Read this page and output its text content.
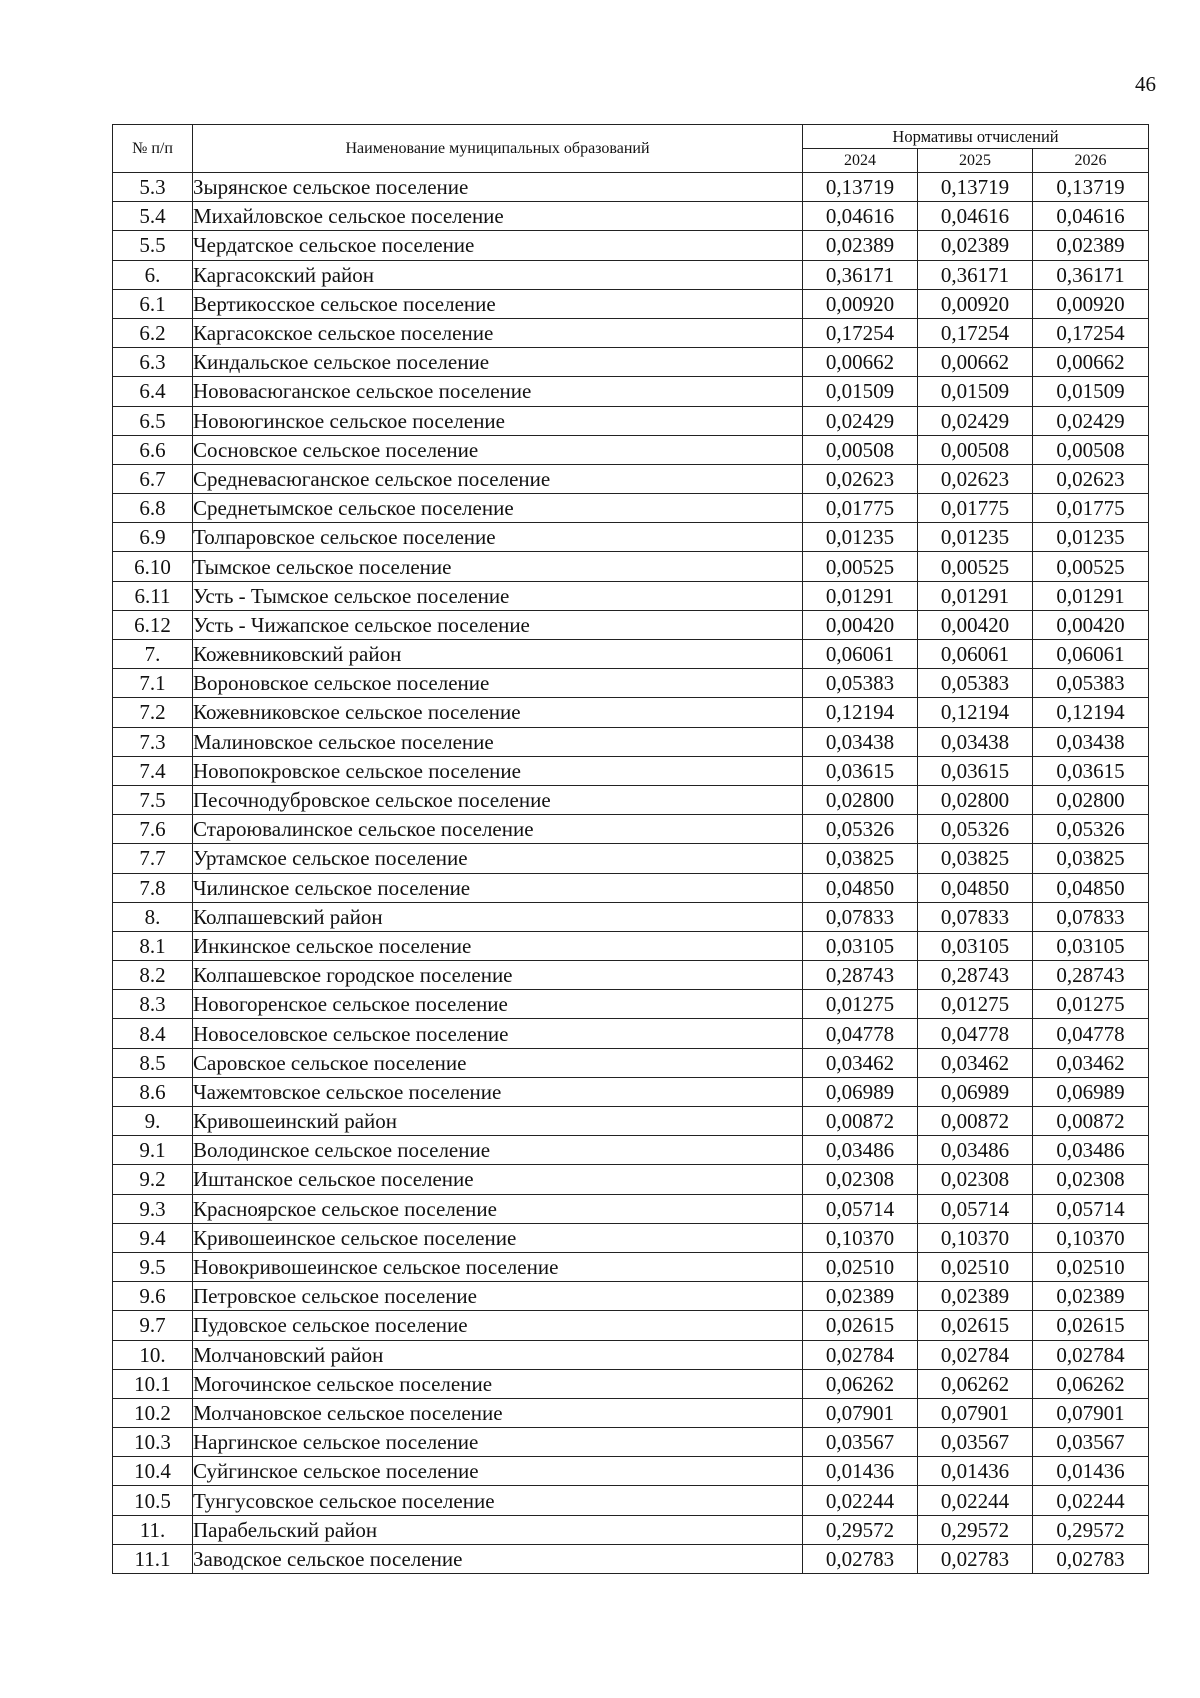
46
№ п/п	Наименование муниципальных образований	Нормативы отчислений		
		2024	2025	2026
5.3	Зырянское сельское поселение	0,13719	0,13719	0,13719
5.4	Михайловское сельское поселение	0,04616	0,04616	0,04616
5.5	Чердатское сельское поселение	0,02389	0,02389	0,02389
6.	Каргасокский район	0,36171	0,36171	0,36171
6.1	Вертикосское сельское поселение	0,00920	0,00920	0,00920
6.2	Каргасокское сельское поселение	0,17254	0,17254	0,17254
6.3	Киндальское сельское поселение	0,00662	0,00662	0,00662
6.4	Нововасюганское сельское поселение	0,01509	0,01509	0,01509
6.5	Новоюгинское сельское поселение	0,02429	0,02429	0,02429
6.6	Сосновское сельское поселение	0,00508	0,00508	0,00508
6.7	Средневасюганское сельское поселение	0,02623	0,02623	0,02623
6.8	Среднетымское сельское поселение	0,01775	0,01775	0,01775
6.9	Толпаровское сельское поселение	0,01235	0,01235	0,01235
6.10	Тымское сельское поселение	0,00525	0,00525	0,00525
6.11	Усть - Тымское сельское поселение	0,01291	0,01291	0,01291
6.12	Усть - Чижапское сельское поселение	0,00420	0,00420	0,00420
7.	Кожевниковский район	0,06061	0,06061	0,06061
7.1	Вороновское сельское поселение	0,05383	0,05383	0,05383
7.2	Кожевниковское сельское поселение	0,12194	0,12194	0,12194
7.3	Малиновское сельское поселение	0,03438	0,03438	0,03438
7.4	Новопокровское сельское поселение	0,03615	0,03615	0,03615
7.5	Песочнодубровское сельское поселение	0,02800	0,02800	0,02800
7.6	Староювалинское сельское поселение	0,05326	0,05326	0,05326
7.7	Уртамское сельское поселение	0,03825	0,03825	0,03825
7.8	Чилинское сельское поселение	0,04850	0,04850	0,04850
8.	Колпашевский район	0,07833	0,07833	0,07833
8.1	Инкинское сельское поселение	0,03105	0,03105	0,03105
8.2	Колпашевское городское поселение	0,28743	0,28743	0,28743
8.3	Новогоренское сельское поселение	0,01275	0,01275	0,01275
8.4	Новоселовское сельское поселение	0,04778	0,04778	0,04778
8.5	Саровское сельское поселение	0,03462	0,03462	0,03462
8.6	Чажемтовское сельское поселение	0,06989	0,06989	0,06989
9.	Кривошеинский район	0,00872	0,00872	0,00872
9.1	Володинское сельское поселение	0,03486	0,03486	0,03486
9.2	Иштанское сельское поселение	0,02308	0,02308	0,02308
9.3	Красноярское сельское поселение	0,05714	0,05714	0,05714
9.4	Кривошеинское сельское поселение	0,10370	0,10370	0,10370
9.5	Новокривошеинское сельское поселение	0,02510	0,02510	0,02510
9.6	Петровское сельское поселение	0,02389	0,02389	0,02389
9.7	Пудовское сельское поселение	0,02615	0,02615	0,02615
10.	Молчановский район	0,02784	0,02784	0,02784
10.1	Могочинское сельское поселение	0,06262	0,06262	0,06262
10.2	Молчановское сельское поселение	0,07901	0,07901	0,07901
10.3	Наргинское сельское поселение	0,03567	0,03567	0,03567
10.4	Суйгинское сельское поселение	0,01436	0,01436	0,01436
10.5	Тунгусовское сельское поселение	0,02244	0,02244	0,02244
11.	Парабельский район	0,29572	0,29572	0,29572
11.1	Заводское сельское поселение	0,02783	0,02783	0,02783
